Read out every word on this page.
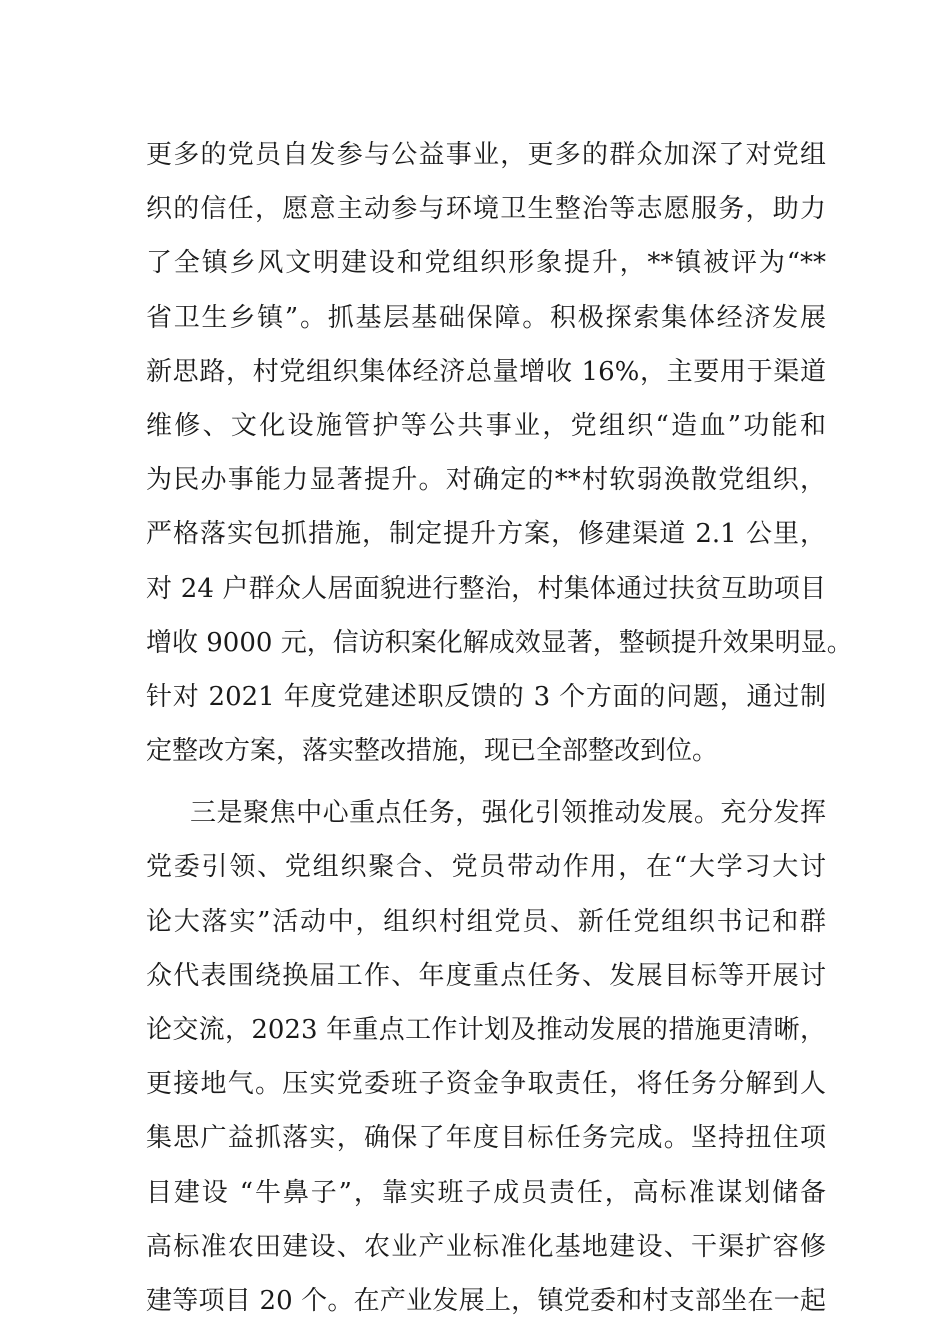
更多的党员自发参与公益事业，更多的群众加深了对党组
织的信任，愿意主动参与环境卫生整治等志愿服务，助力
了全镇乡风文明建设和党组织形象提升，**镇被评为“**
省卫生乡镇”。抓基层基础保障。积极探索集体经济发展
新思路，村党组织集体经济总量增收 16%，主要用于渠道
维修、文化设施管护等公共事业，党组织“造血”功能和
为民办事能力显著提升。对确定的**村软弱涣散党组织，
严格落实包抓措施，制定提升方案，修建渠道 2.1 公里，
对 24 户群众人居面貌进行整治，村集体通过扶贫互助项目
增收 9000 元，信访积案化解成效显著，整顿提升效果明显。
针对 2021 年度党建述职反馈的 3 个方面的问题，通过制
定整改方案，落实整改措施，现已全部整改到位。
三是聚焦中心重点任务，强化引领推动发展。充分发挥
党委引领、党组织聚合、党员带动作用，在“大学习大讨
论大落实”活动中，组织村组党员、新任党组织书记和群
众代表围绕换届工作、年度重点任务、发展目标等开展讨
论交流，2023 年重点工作计划及推动发展的措施更清晰，
更接地气。压实党委班子资金争取责任，将任务分解到人
集思广益抓落实，确保了年度目标任务完成。坚持扭住项
目建设 “牛鼻子”，靠实班子成员责任，高标准谋划储备
高标准农田建设、农业产业标准化基地建设、干渠扩容修
建等项目 20 个。在产业发展上，镇党委和村支部坐在一起
